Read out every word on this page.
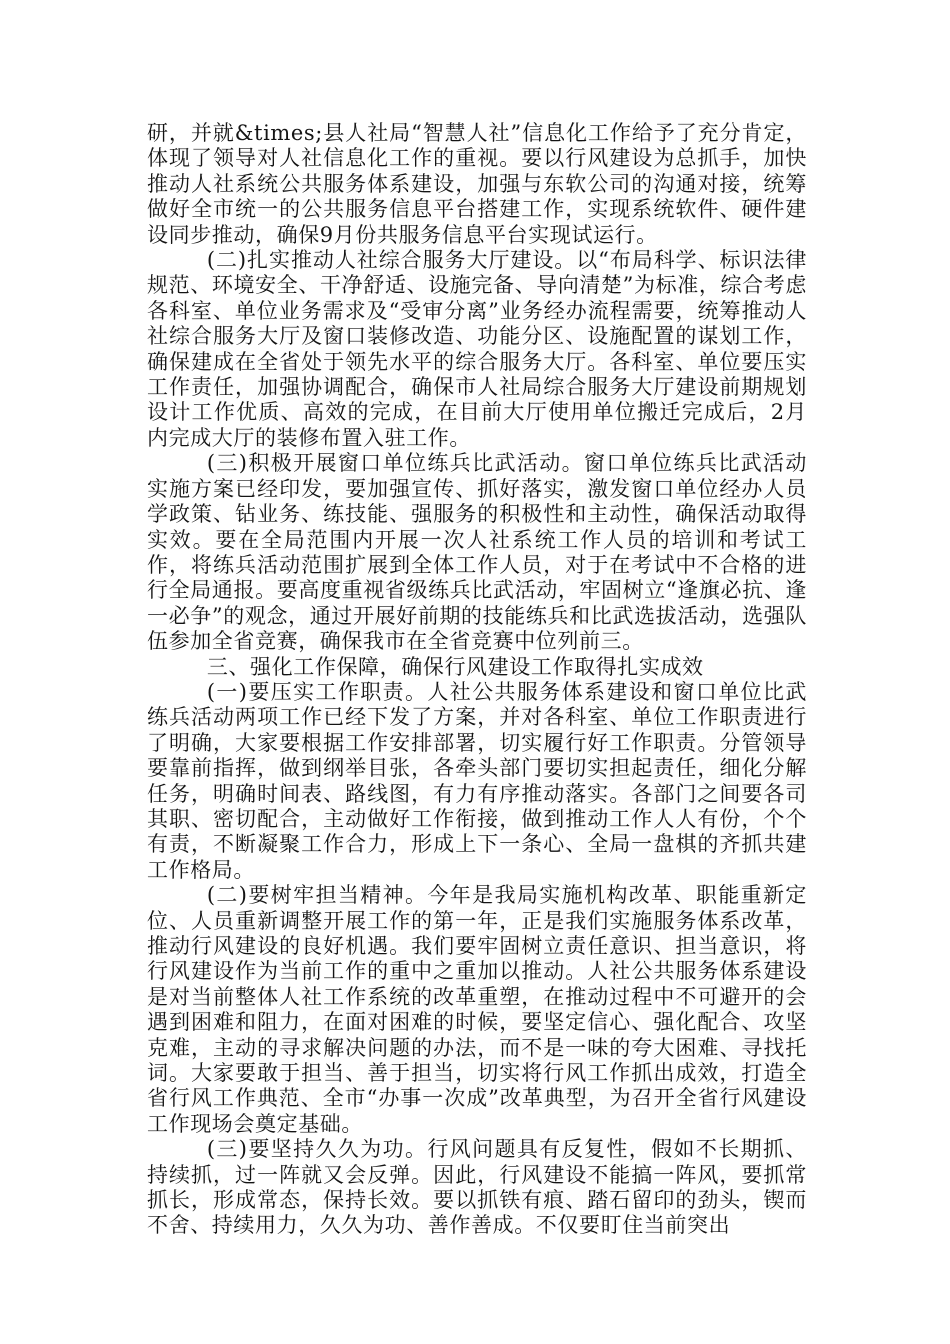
研，并就&times;县人社局“智慧人社”信息化工作给予了充分肯定，体现了领导对人社信息化工作的重视。要以行风建设为总抓手，加快推动人社系统公共服务体系建设，加强与东软公司的沟通对接，统筹做好全市统一的公共服务信息平台搭建工作，实现系统软件、硬件建设同步推动，确保9月份共服务信息平台实现试运行。

(二)扎实推动人社综合服务大厅建设。以“布局科学、标识法律规范、环境安全、干净舒适、设施完备、导向清楚”为标准，综合考虑各科室、单位业务需求及“受审分离”业务经办流程需要，统筹推动人社综合服务大厅及窗口装修改造、功能分区、设施配置的谋划工作，确保建成在全省处于领先水平的综合服务大厅。各科室、单位要压实工作责任，加强协调配合，确保市人社局综合服务大厅建设前期规划设计工作优质、高效的完成，在目前大厅使用单位搬迁完成后，2月内完成大厅的装修布置入驻工作。

(三)积极开展窗口单位练兵比武活动。窗口单位练兵比武活动实施方案已经印发，要加强宣传、抓好落实，激发窗口单位经办人员学政策、钻业务、练技能、强服务的积极性和主动性，确保活动取得实效。要在全局范围内开展一次人社系统工作人员的培训和考试工作，将练兵活动范围扩展到全体工作人员，对于在考试中不合格的进行全局通报。要高度重视省级练兵比武活动，牢固树立“逢旗必抗、逢一必争”的观念，通过开展好前期的技能练兵和比武选拔活动，选强队伍参加全省竞赛，确保我市在全省竞赛中位列前三。

三、强化工作保障，确保行风建设工作取得扎实成效

(一)要压实工作职责。人社公共服务体系建设和窗口单位比武练兵活动两项工作已经下发了方案，并对各科室、单位工作职责进行了明确，大家要根据工作安排部署，切实履行好工作职责。分管领导要靠前指挥，做到纲举目张，各牵头部门要切实担起责任，细化分解任务，明确时间表、路线图，有力有序推动落实。各部门之间要各司其职、密切配合，主动做好工作衔接，做到推动工作人人有份，个个有责，不断凝聚工作合力，形成上下一条心、全局一盘棋的齐抓共建工作格局。

(二)要树牢担当精神。今年是我局实施机构改革、职能重新定位、人员重新调整开展工作的第一年，正是我们实施服务体系改革，推动行风建设的良好机遇。我们要牢固树立责任意识、担当意识，将行风建设作为当前工作的重中之重加以推动。人社公共服务体系建设是对当前整体人社工作系统的改革重塑，在推动过程中不可避开的会遇到困难和阻力，在面对困难的时候，要坚定信心、强化配合、攻坚克难，主动的寻求解决问题的办法，而不是一味的夸大困难、寻找托词。大家要敢于担当、善于担当，切实将行风工作抓出成效，打造全省行风工作典范、全市“办事一次成”改革典型，为召开全省行风建设工作现场会奠定基础。

(三)要坚持久久为功。行风问题具有反复性，假如不长期抓、持续抓，过一阵就又会反弹。因此，行风建设不能搞一阵风，要抓常抓长，形成常态，保持长效。要以抓铁有痕、踏石留印的劲头，锲而不舍、持续用力，久久为功、善作善成。不仅要盯住当前突出
